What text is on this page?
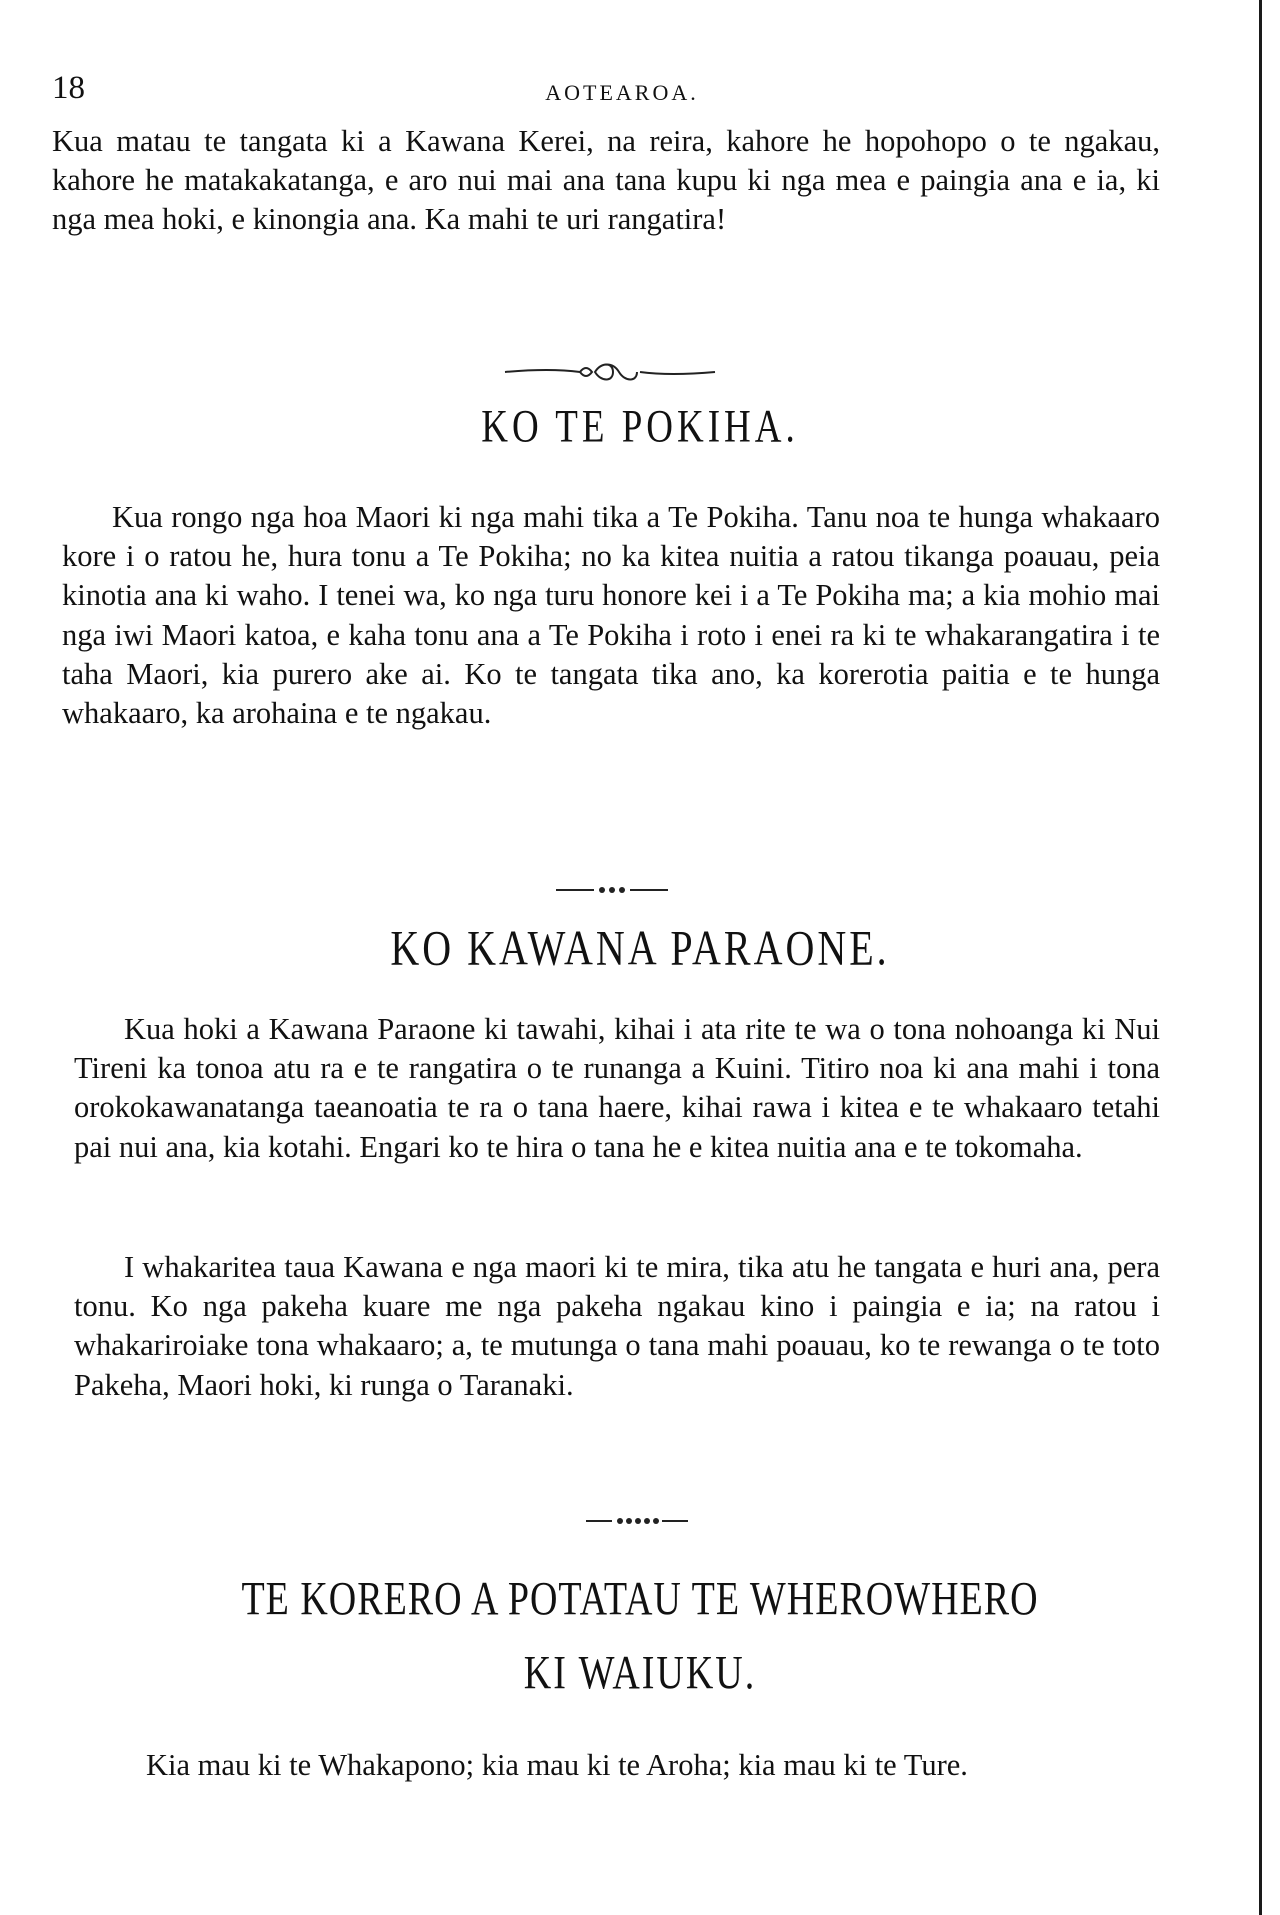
18	AOTEAROA.

Kua matau te tangata ki a Kawana Kerei, na reira, kahore he hopohopo o te ngakau, kahore he matakakatanga, e aro nui mai ana tana kupu ki nga mea e paingia ana e ia, ki nga mea hoki, e kinongia ana. Ka mahi te uri rangatira!

KO TE POKIHA.

Kua rongo nga hoa Maori ki nga mahi tika a Te Pokiha. Tanu noa te hunga whakaaro kore i o ratou he, hura tonu a Te Pokiha; no ka kitea nuitia a ratou tikanga poauau, peia kinotia ana ki waho. I tenei wa, ko nga turu honore kei i a Te Pokiha ma; a kia mohio mai nga iwi Maori katoa, e kaha tonu ana a Te Pokiha i roto i enei ra ki te whakarangatira i te taha Maori, kia purero ake ai. Ko te tangata tika ano, ka korerotia paitia e te hunga whakaaro, ka arohaina e te ngakau.

KO KAWANA PARAONE.

Kua hoki a Kawana Paraone ki tawahi, kihai i ata rite te wa o tona nohoanga ki Nui Tireni ka tonoa atu ra e te rangatira o te runanga a Kuini. Titiro noa ki ana mahi i tona orokokawanatanga taeanoatia te ra o tana haere, kihai rawa i kitea e te whakaaro tetahi pai nui ana, kia kotahi. Engari ko te hira o tana he e kitea nuitia ana e te tokomaha.

I whakaritea taua Kawana e nga maori ki te mira, tika atu he tangata e huri ana, pera tonu. Ko nga pakeha kuare me nga pakeha ngakau kino i paingia e ia; na ratou i whakariroiake tona whakaaro; a, te mutunga o tana mahi poauau, ko te rewanga o te toto Pakeha, Maori hoki, ki runga o Taranaki.

TE KORERO A POTATAU TE WHEROWHERO
KI WAIUKU.

Kia mau ki te Whakapono; kia mau ki te Aroha; kia mau ki te Ture.
